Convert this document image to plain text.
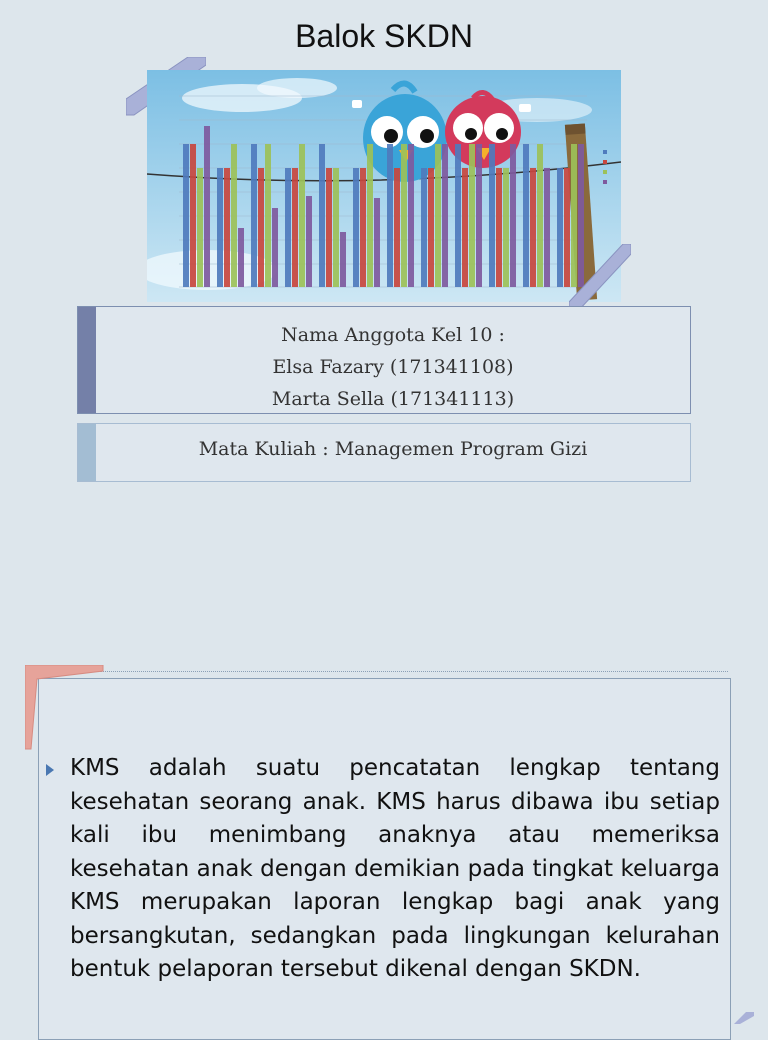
Balok SKDN
Nama Anggota Kel 10 :
Elsa Fazary (171341108)
Marta Sella (171341113)
Mata Kuliah : Managemen Program Gizi
KMS adalah suatu pencatatan lengkap tentang kesehatan seorang anak. KMS harus dibawa ibu setiap kali ibu menimbang anaknya atau memeriksa kesehatan anak dengan demikian pada tingkat keluarga KMS merupakan laporan lengkap bagi anak yang bersangkutan, sedangkan pada lingkungan kelurahan bentuk pelaporan tersebut dikenal dengan SKDN.
